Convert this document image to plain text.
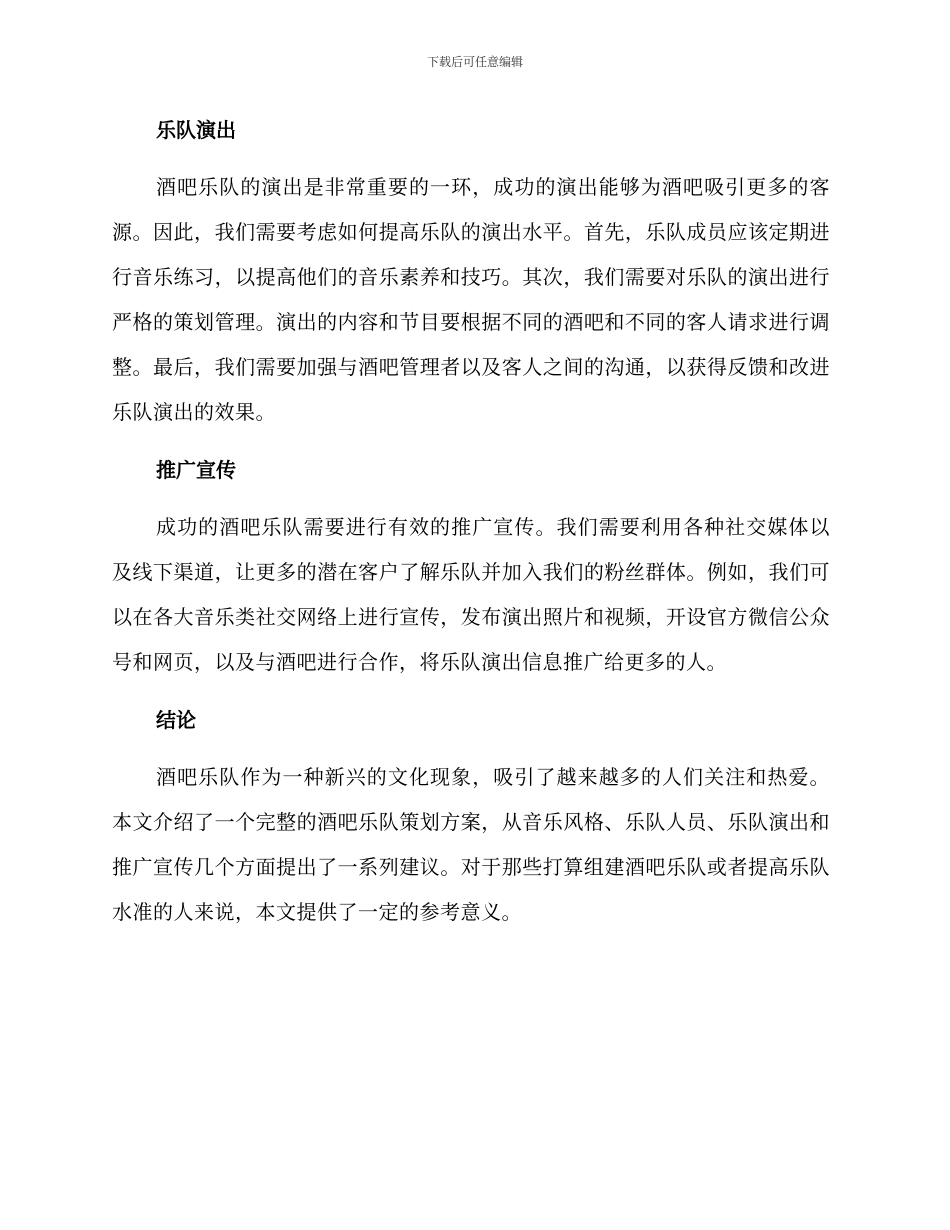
下载后可任意编辑
乐队演出

酒吧乐队的演出是非常重要的一环，成功的演出能够为酒吧吸引更多的客源。因此，我们需要考虑如何提高乐队的演出水平。首先，乐队成员应该定期进行音乐练习，以提高他们的音乐素养和技巧。其次，我们需要对乐队的演出进行严格的策划管理。演出的内容和节目要根据不同的酒吧和不同的客人请求进行调整。最后，我们需要加强与酒吧管理者以及客人之间的沟通，以获得反馈和改进乐队演出的效果。

推广宣传

成功的酒吧乐队需要进行有效的推广宣传。我们需要利用各种社交媒体以及线下渠道，让更多的潜在客户了解乐队并加入我们的粉丝群体。例如，我们可以在各大音乐类社交网络上进行宣传，发布演出照片和视频，开设官方微信公众号和网页，以及与酒吧进行合作，将乐队演出信息推广给更多的人。

结论

酒吧乐队作为一种新兴的文化现象，吸引了越来越多的人们关注和热爱。本文介绍了一个完整的酒吧乐队策划方案，从音乐风格、乐队人员、乐队演出和推广宣传几个方面提出了一系列建议。对于那些打算组建酒吧乐队或者提高乐队水准的人来说，本文提供了一定的参考意义。
